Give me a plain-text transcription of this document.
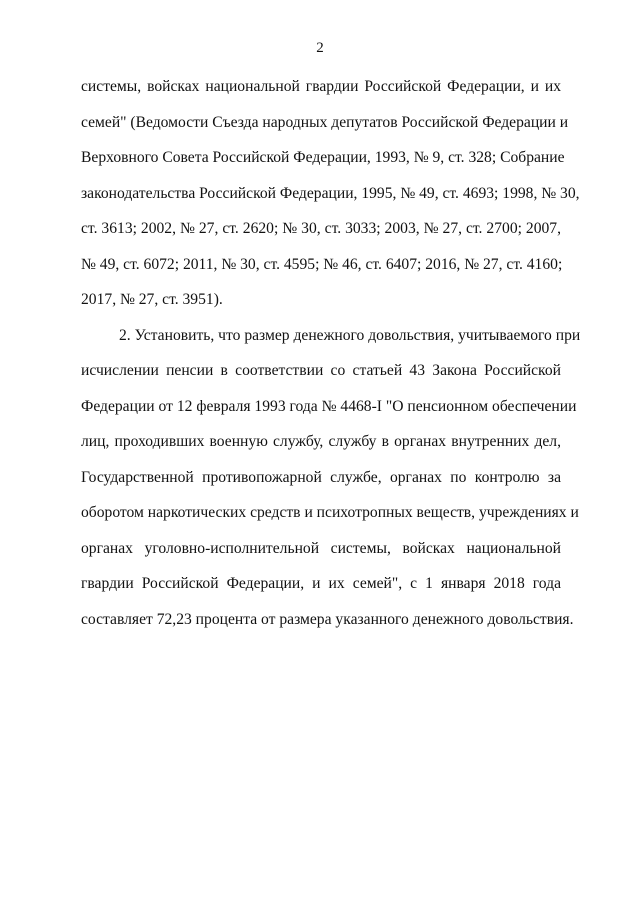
2
системы, войсках национальной гвардии Российской Федерации, и их
семей" (Ведомости Съезда народных депутатов Российской Федерации и
Верховного Совета Российской Федерации, 1993, № 9, ст. 328; Собрание
законодательства Российской Федерации, 1995, № 49, ст. 4693; 1998, № 30,
ст. 3613; 2002, № 27, ст. 2620; № 30, ст. 3033; 2003, № 27, ст. 2700; 2007,
№ 49, ст. 6072; 2011, № 30, ст. 4595; № 46, ст. 6407; 2016, № 27, ст. 4160;
2017, № 27, ст. 3951).
2. Установить, что размер денежного довольствия, учитываемого при
исчислении пенсии в соответствии со статьей 43 Закона Российской
Федерации от 12 февраля 1993 года № 4468-I "О пенсионном обеспечении
лиц, проходивших военную службу, службу в органах внутренних дел,
Государственной противопожарной службе, органах по контролю за
оборотом наркотических средств и психотропных веществ, учреждениях и
органах уголовно-исполнительной системы, войсках национальной
гвардии Российской Федерации, и их семей", с 1 января 2018 года
составляет 72,23 процента от размера указанного денежного довольствия.
